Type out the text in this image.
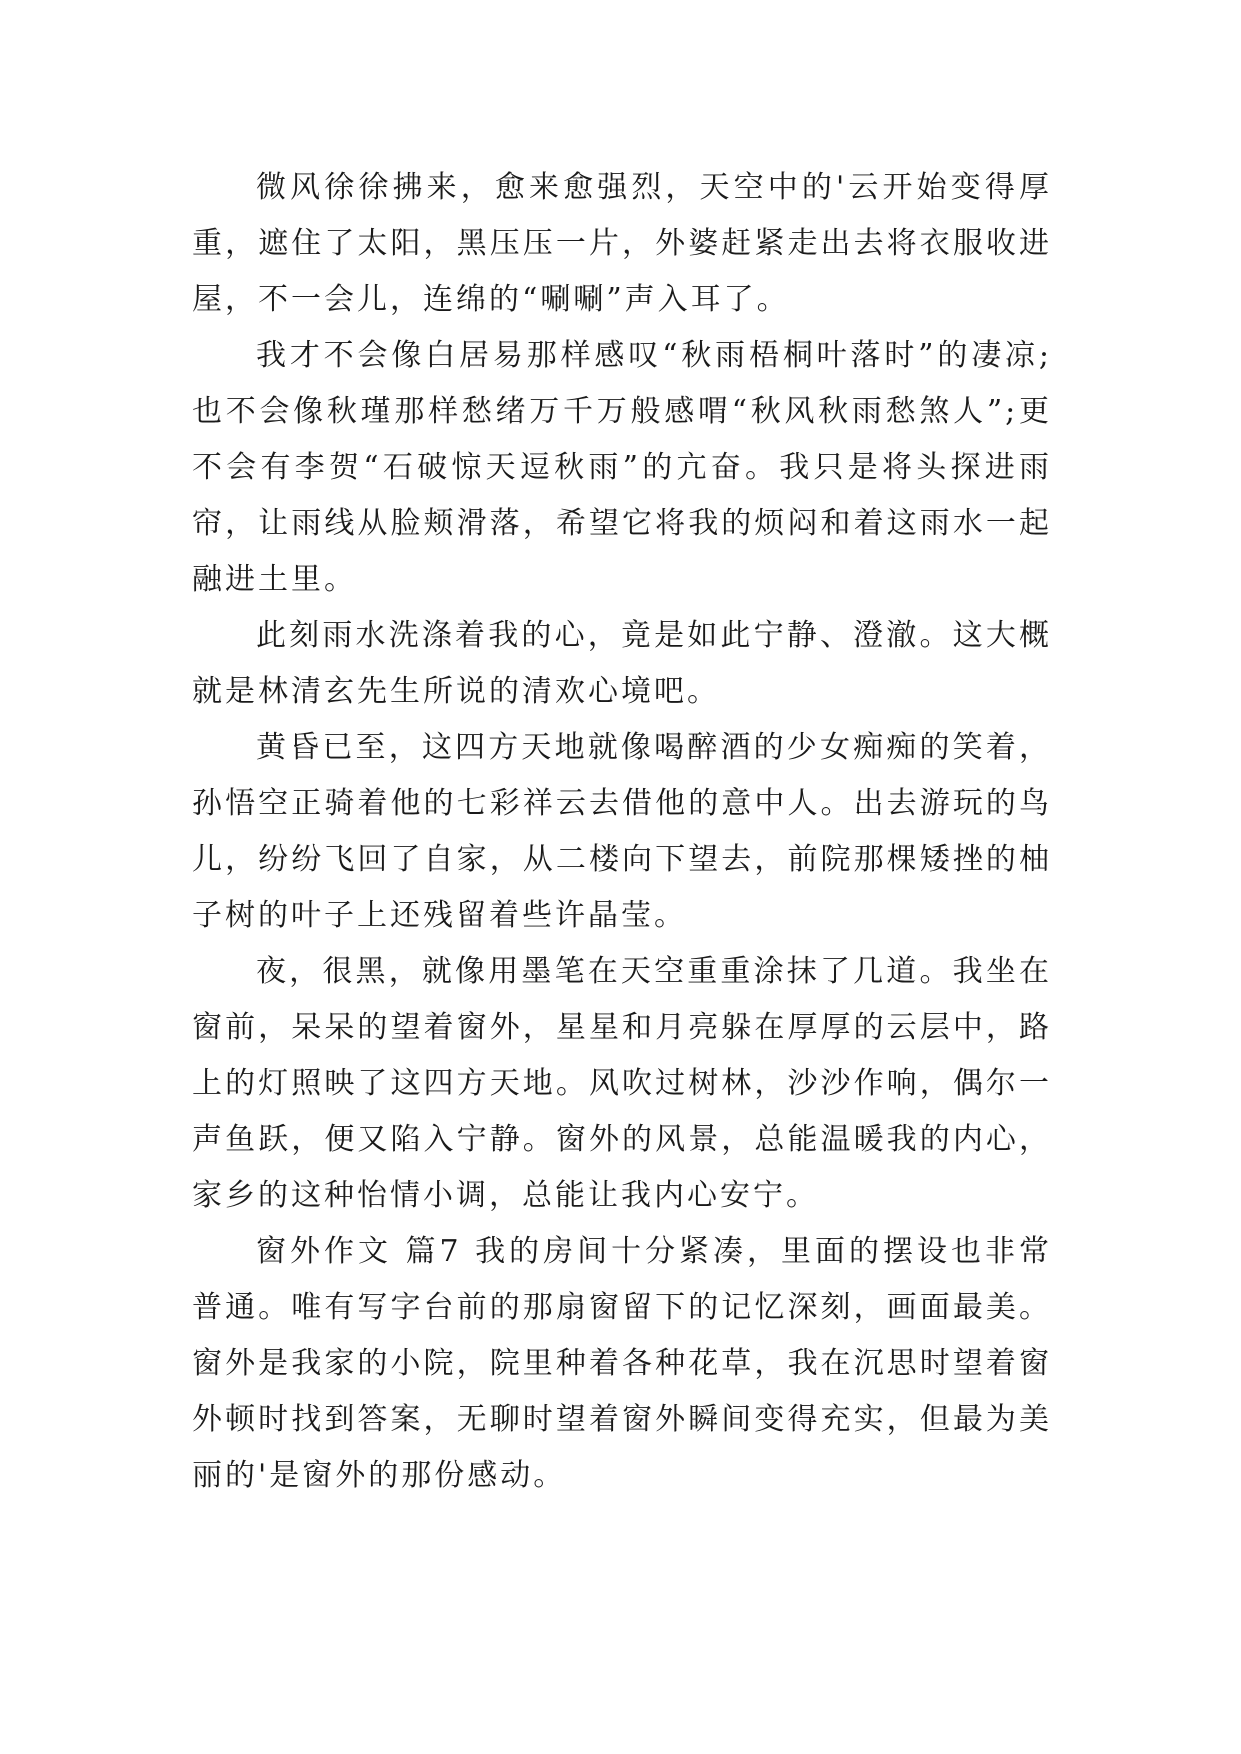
微风徐徐拂来，愈来愈强烈，天空中的'云开始变得厚重，遮住了太阳，黑压压一片，外婆赶紧走出去将衣服收进屋，不一会儿，连绵的“唰唰”声入耳了。

我才不会像白居易那样感叹“秋雨梧桐叶落时”的凄凉;也不会像秋瑾那样愁绪万千万般感喟“秋风秋雨愁煞人”;更不会有李贺“石破惊天逗秋雨”的亢奋。我只是将头探进雨帘，让雨线从脸颊滑落，希望它将我的烦闷和着这雨水一起融进土里。

此刻雨水洗涤着我的心，竟是如此宁静、澄澈。这大概就是林清玄先生所说的清欢心境吧。

黄昏已至，这四方天地就像喝醉酒的少女痴痴的笑着，孙悟空正骑着他的七彩祥云去借他的意中人。出去游玩的鸟儿，纷纷飞回了自家，从二楼向下望去，前院那棵矮挫的柚子树的叶子上还残留着些许晶莹。

夜，很黑，就像用墨笔在天空重重涂抹了几道。我坐在窗前，呆呆的望着窗外，星星和月亮躲在厚厚的云层中，路上的灯照映了这四方天地。风吹过树林，沙沙作响，偶尔一声鱼跃，便又陷入宁静。窗外的风景，总能温暖我的内心，家乡的这种怡情小调，总能让我内心安宁。

窗外作文 篇7 我的房间十分紧凑，里面的摆设也非常普通。唯有写字台前的那扇窗留下的记忆深刻，画面最美。窗外是我家的小院，院里种着各种花草，我在沉思时望着窗外顿时找到答案，无聊时望着窗外瞬间变得充实，但最为美丽的'是窗外的那份感动。
